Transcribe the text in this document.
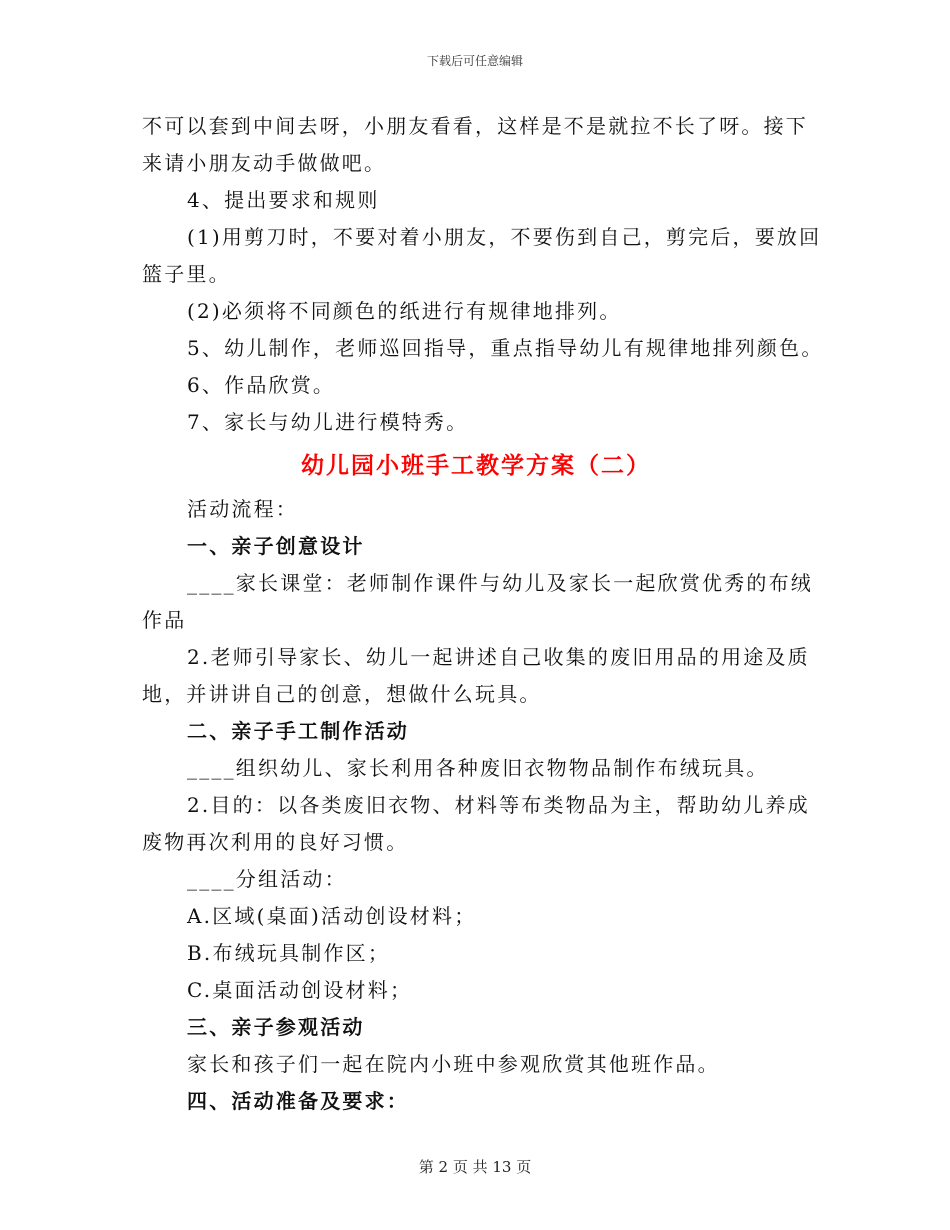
下载后可任意编辑
不可以套到中间去呀，小朋友看看，这样是不是就拉不长了呀。接下
来请小朋友动手做做吧。
4、提出要求和规则
(1)用剪刀时，不要对着小朋友，不要伤到自己，剪完后，要放回
篮子里。
(2)必须将不同颜色的纸进行有规律地排列。
5、幼儿制作，老师巡回指导，重点指导幼儿有规律地排列颜色。
6、作品欣赏。
7、家长与幼儿进行模特秀。
幼儿园小班手工教学方案（二）
活动流程：
一、亲子创意设计
____家长课堂：老师制作课件与幼儿及家长一起欣赏优秀的布绒
作品
2.老师引导家长、幼儿一起讲述自己收集的废旧用品的用途及质
地，并讲讲自己的创意，想做什么玩具。
二、亲子手工制作活动
____组织幼儿、家长利用各种废旧衣物物品制作布绒玩具。
2.目的：以各类废旧衣物、材料等布类物品为主，帮助幼儿养成
废物再次利用的良好习惯。
____分组活动：
A.区域(桌面)活动创设材料；
B.布绒玩具制作区；
C.桌面活动创设材料；
三、亲子参观活动
家长和孩子们一起在院内小班中参观欣赏其他班作品。
四、活动准备及要求：
第 2 页 共 13 页
